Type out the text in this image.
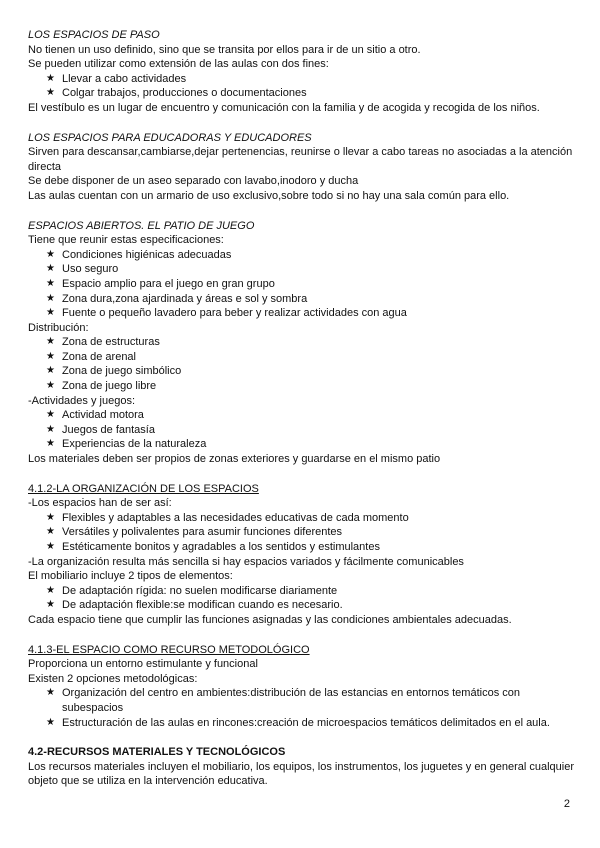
LOS ESPACIOS DE PASO

No tienen un uso definido, sino que se transita por ellos para ir de un sitio a otro.

Se pueden utilizar como extensión de las aulas con dos fines:

★ Llevar a cabo actividades
★ Colgar trabajos, producciones o documentaciones

El vestíbulo es un lugar de encuentro y comunicación con la familia y de acogida y recogida de los niños.

LOS ESPACIOS PARA EDUCADORAS Y EDUCADORES

Sirven para descansar,cambiarse,dejar pertenencias, reunirse o llevar a cabo tareas no asociadas a la atención directa

Se debe disponer de un aseo separado con lavabo,inodoro y ducha

Las aulas cuentan con un armario de uso exclusivo,sobre todo si no hay una sala común para ello.

ESPACIOS ABIERTOS. EL PATIO DE JUEGO

Tiene que reunir estas especificaciones:

★ Condiciones higiénicas adecuadas
★ Uso seguro
★ Espacio amplio para el juego en gran grupo
★ Zona dura,zona ajardinada y áreas e sol y sombra
★ Fuente o pequeño lavadero para beber y realizar actividades con agua

Distribución:

★ Zona de estructuras
★ Zona de arenal
★ Zona de juego simbólico
★ Zona de juego libre

-Actividades y juegos:

★ Actividad motora
★ Juegos de fantasía
★ Experiencias de la naturaleza

Los materiales deben ser propios de zonas exteriores y guardarse en el mismo patio

4.1.2-LA ORGANIZACIÓN DE LOS ESPACIOS

-Los espacios han de ser así:

★ Flexibles y adaptables a las necesidades educativas de cada momento
★ Versátiles y polivalentes para asumir funciones diferentes
★ Estéticamente bonitos y agradables a los sentidos y estimulantes

-La organización resulta más sencilla si hay espacios variados y fácilmente comunicables

El mobiliario incluye 2 tipos de elementos:

★ De adaptación rígida: no suelen modificarse diariamente
★ De adaptación flexible:se modifican cuando es necesario.

Cada espacio tiene que cumplir las funciones asignadas y las condiciones ambientales adecuadas.

4.1.3-EL ESPACIO COMO RECURSO METODOLÓGICO

Proporciona un entorno estimulante y funcional

Existen 2 opciones metodológicas:

★ Organización del centro en ambientes:distribución de las estancias en entornos temáticos con subespacios
★ Estructuración de las aulas en rincones:creación de microespacios temáticos delimitados en el aula.

4.2-RECURSOS MATERIALES Y TECNOLÓGICOS

Los recursos materiales incluyen el mobiliario, los equipos, los instrumentos, los juguetes y en general cualquier objeto que se utiliza en la intervención educativa.

2
